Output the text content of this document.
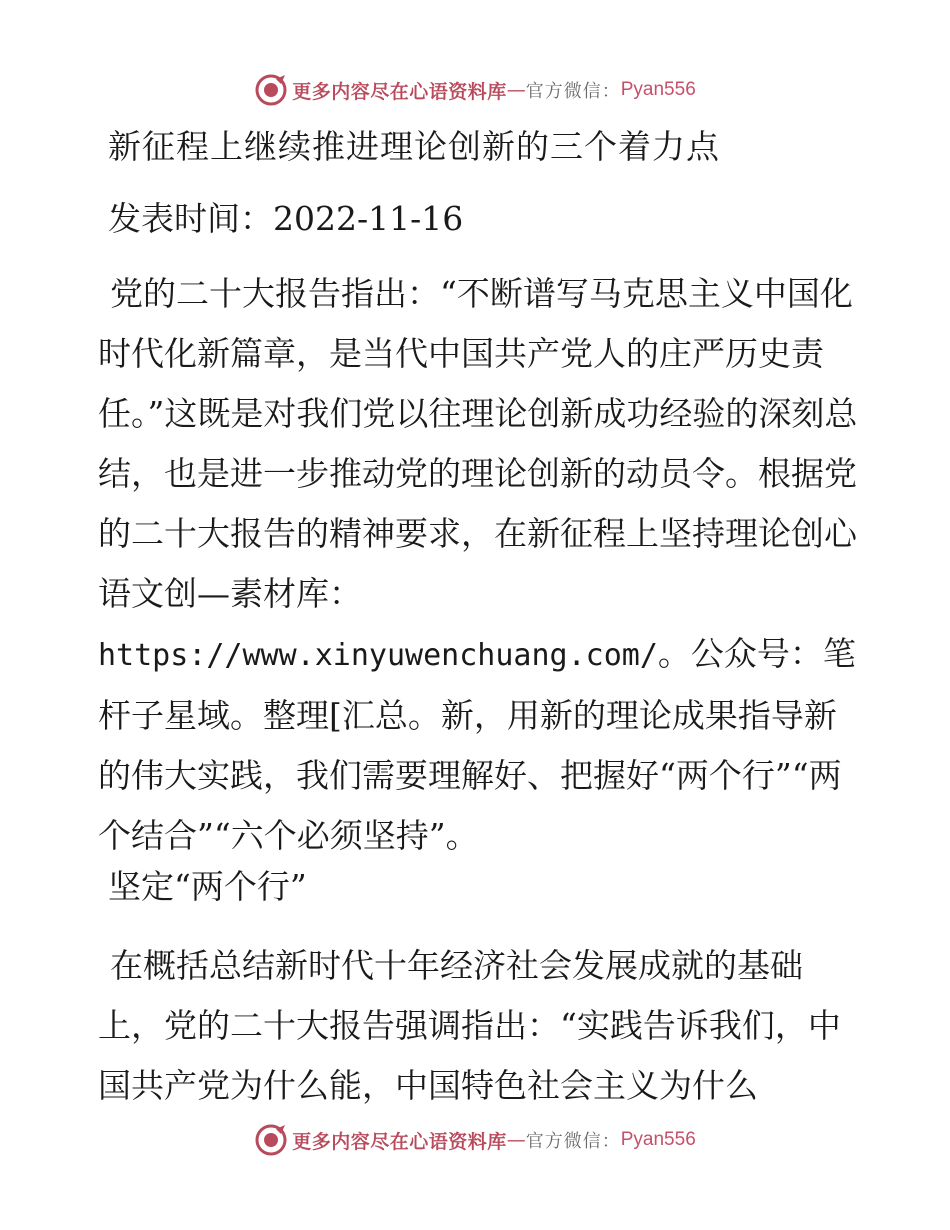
更多内容尽在心语资料库 — 官方微信： Pyan556
新征程上继续推进理论创新的三个着力点
发表时间：2022-11-16
党的二十大报告指出：“不断谱写马克思主义中国化时代化新篇章，是当代中国共产党人的庄严历史责任。”这既是对我们党以往理论创新成功经验的深刻总结，也是进一步推动党的理论创新的动员令。根据党的二十大报告的精神要求，在新征程上坚持理论创心语文创—素材库：https://www.xinyuwenchuang.com/。公众号：笔杆子星域。整理[汇总。新，用新的理论成果指导新的伟大实践，我们需要理解好、把握好“两个行”“两个结合”“六个必须坚持”。
坚定“两个行”
在概括总结新时代十年经济社会发展成就的基础上，党的二十大报告强调指出：“实践告诉我们，中国共产党为什么能，中国特色社会主义为什么
更多内容尽在心语资料库 — 官方微信： Pyan556
